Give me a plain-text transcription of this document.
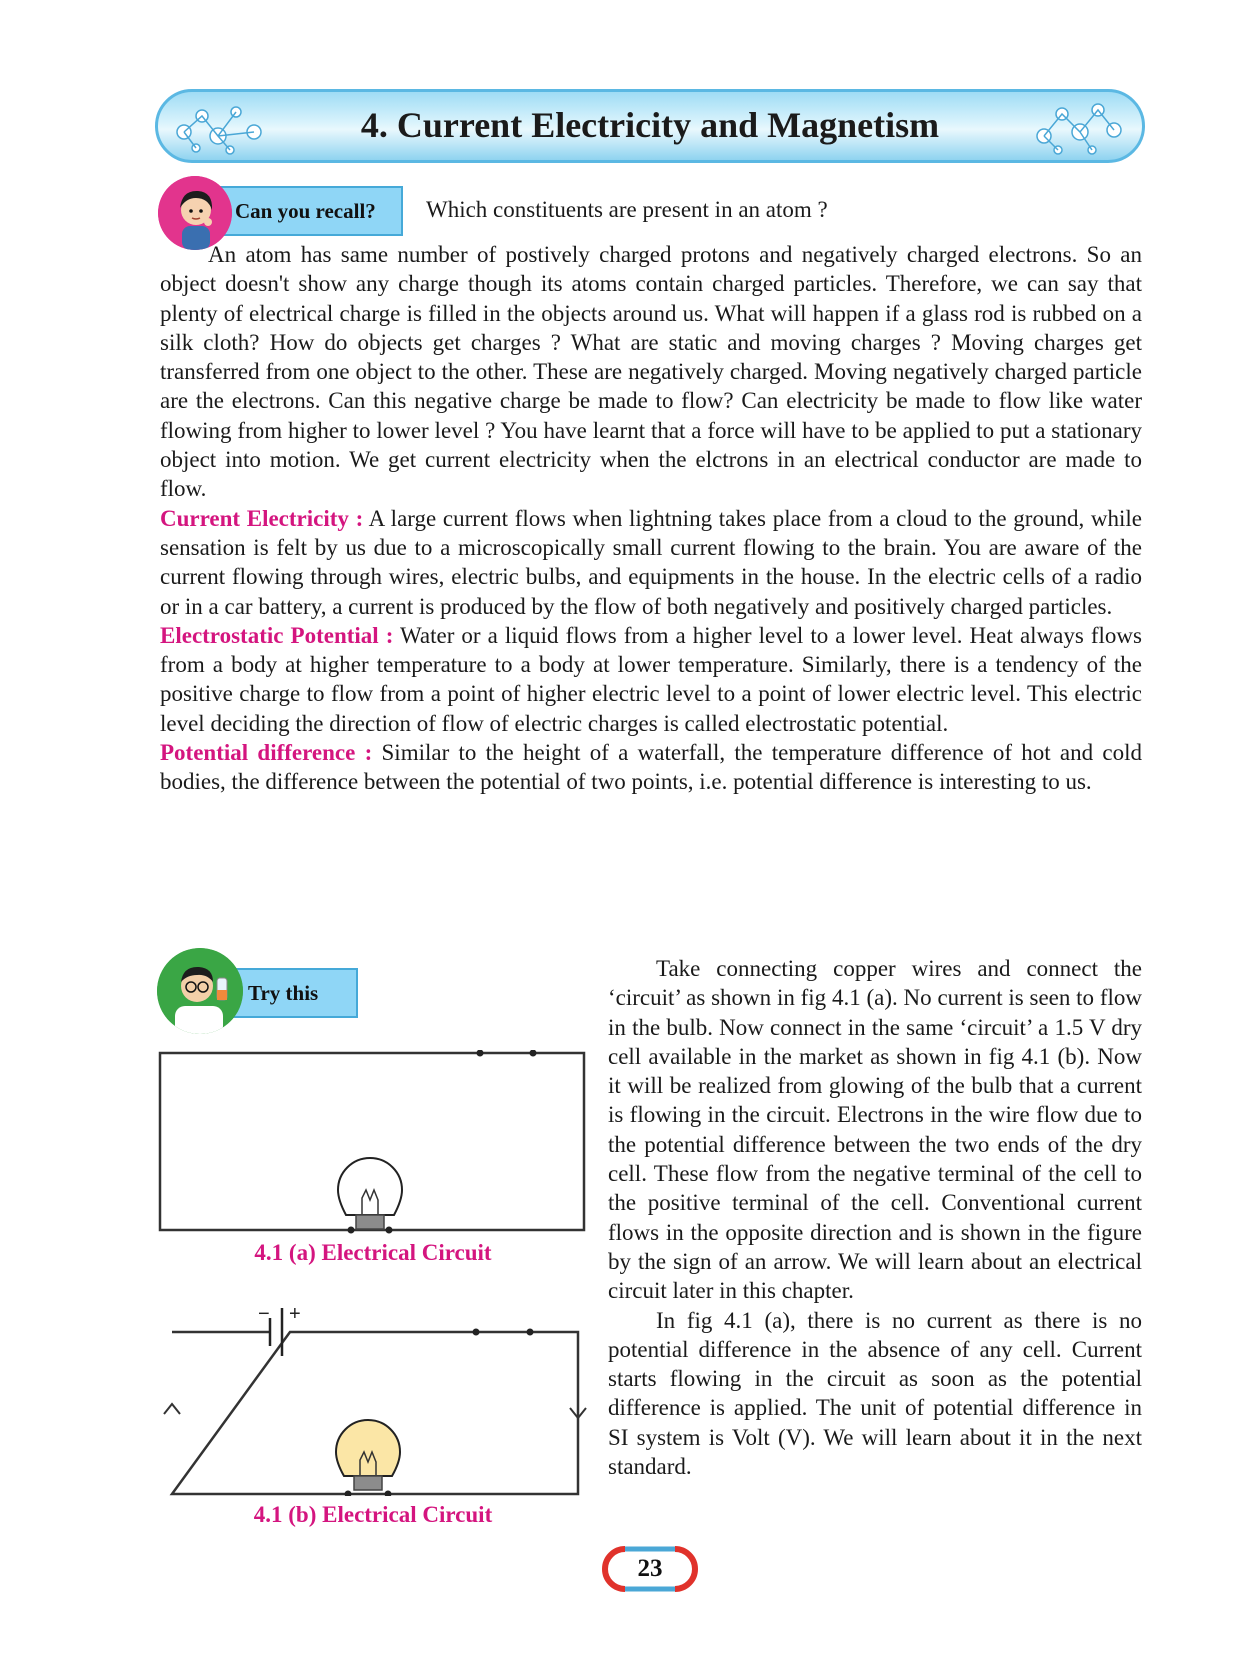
4. Current Electricity and Magnetism
Can you recall?	Which constituents are present in an atom ?

An atom has same number of postively charged protons and negatively charged electrons. So an object doesn't show any charge though its atoms contain charged particles. Therefore, we can say that plenty of electrical charge is filled in the objects around us. What will happen if a glass rod is rubbed on a silk cloth? How do objects get charges ? What are static and moving charges ? Moving charges get transferred from one object to the other. These are negatively charged. Moving negatively charged particle are the electrons. Can this negative charge be made to flow? Can electricity be made to flow like water flowing from higher to lower level ? You have learnt that a force will have to be applied to put a stationary object into motion. We get current electricity when the elctrons in an electrical conductor are made to flow.

Current Electricity : A large current flows when lightning takes place from a cloud to the ground, while sensation is felt by us due to a microscopically small current flowing to the brain. You are aware of the current flowing through wires, electric bulbs, and equipments in the house. In the electric cells of a radio or in a car battery, a current is produced by the flow of both negatively and positively charged particles.

Electrostatic Potential : Water or a liquid flows from a higher level to a lower level. Heat always flows from a body at higher temperature to a body at lower temperature. Similarly, there is a tendency of the positive charge to flow from a point of higher electric level to a point of lower electric level. This electric level deciding the direction of flow of electric charges is called electrostatic potential.

Potential difference : Similar to the height of a waterfall, the temperature difference of hot and cold bodies, the difference between the potential of two points, i.e. potential difference is interesting to us.

Try this
4.1 (a) Electrical Circuit
− +
4.1 (b) Electrical Circuit

Take connecting copper wires and connect the ‘circuit’ as shown in fig 4.1 (a). No current is seen to flow in the bulb. Now connect in the same ‘circuit’ a 1.5 V dry cell available in the market as shown in fig 4.1 (b). Now it will be realized from glowing of the bulb that a current is flowing in the circuit. Electrons in the wire flow due to the potential difference between the two ends of the dry cell. These flow from the negative terminal of the cell to the positive terminal of the cell. Conventional current flows in the opposite direction and is shown in the figure by the sign of an arrow. We will learn about an electrical circuit later in this chapter.

In fig 4.1 (a), there is no current as there is no potential difference in the absence of any cell. Current starts flowing in the circuit as soon as the potential difference is applied. The unit of potential difference in SI system is Volt (V). We will learn about it in the next standard.

23
